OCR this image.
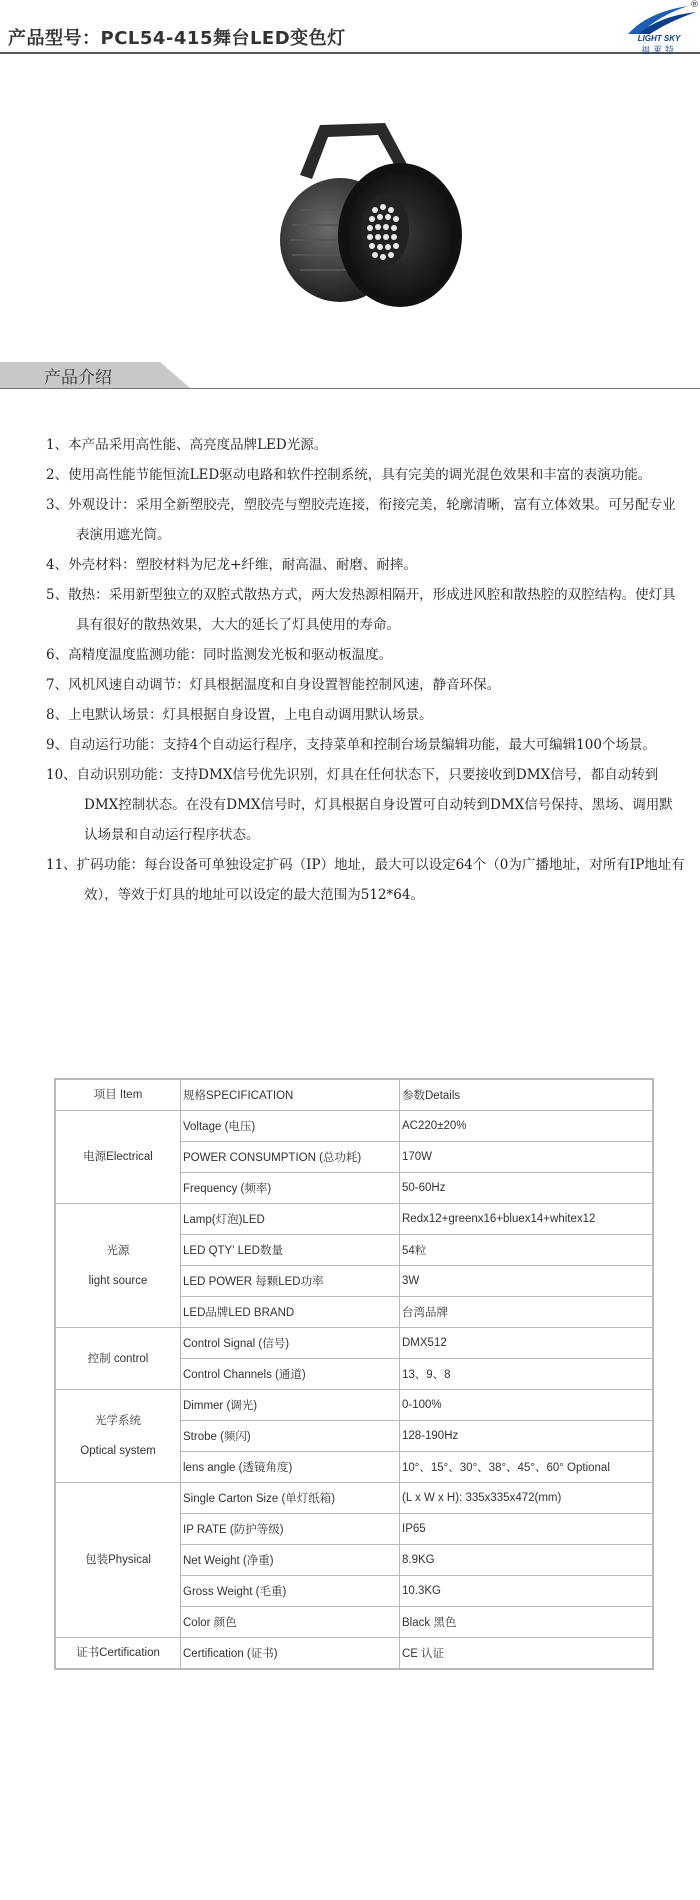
产品型号：PCL54-415舞台LED变色灯
®
LIGHT SKY
福莱特
产品介绍
1、本产品采用高性能、高亮度品牌LED光源。
2、使用高性能节能恒流LED驱动电路和软件控制系统，具有完美的调光混色效果和丰富的表演功能。
3、外观设计：采用全新塑胶壳，塑胶壳与塑胶壳连接，衔接完美，轮廓清晰，富有立体效果。可另配专业表演用遮光筒。
4、外壳材料：塑胶材料为尼龙+纤维，耐高温、耐磨、耐摔。
5、散热：采用新型独立的双腔式散热方式，两大发热源相隔开，形成进风腔和散热腔的双腔结构。使灯具具有很好的散热效果，大大的延长了灯具使用的寿命。
6、高精度温度监测功能：同时监测发光板和驱动板温度。
7、风机风速自动调节：灯具根据温度和自身设置智能控制风速，静音环保。
8、上电默认场景：灯具根据自身设置，上电自动调用默认场景。
9、自动运行功能：支持4个自动运行程序，支持菜单和控制台场景编辑功能，最大可编辑100个场景。
10、自动识别功能：支持DMX信号优先识别，灯具在任何状态下，只要接收到DMX信号，都自动转到DMX控制状态。在没有DMX信号时，灯具根据自身设置可自动转到DMX信号保持、黑场、调用默认场景和自动运行程序状态。
11、扩码功能：每台设备可单独设定扩码（IP）地址，最大可以设定64个（0为广播地址，对所有IP地址有效），等效于灯具的地址可以设定的最大范围为512*64。
项目 Item	规格SPECIFICATION	参数Details
电源Electrical	Voltage (电压)	AC220±20%
	POWER CONSUMPTION (总功耗)	170W
	Frequency (频率)	50-60Hz

光源
light source	Lamp(灯泡)LED	Redx12+greenx16+bluex14+whitex12
	LED QTY' LED数量	54粒
	LED POWER 每颗LED功率	3W
	LED品牌LED BRAND	台湾品牌
控制 control	Control Signal (信号)	DMX512
	Control Channels (通道)	13、9、8

光学系统
Optical system	Dimmer (调光)	0-100%
	Strobe (频闪)	128-190Hz
	lens angle (透镜角度)	10°、15°、30°、38°、45°、60° Optional
包装Physical	Single Carton Size (单灯纸箱)	(L x W x H): 335x335x472(mm)
	IP RATE (防护等级)	IP65
	Net Weight (净重)	8.9KG
	Gross Weight (毛重)	10.3KG
	Color 颜色	Black 黑色
证书Certification	Certification (证书)	CE 认证
